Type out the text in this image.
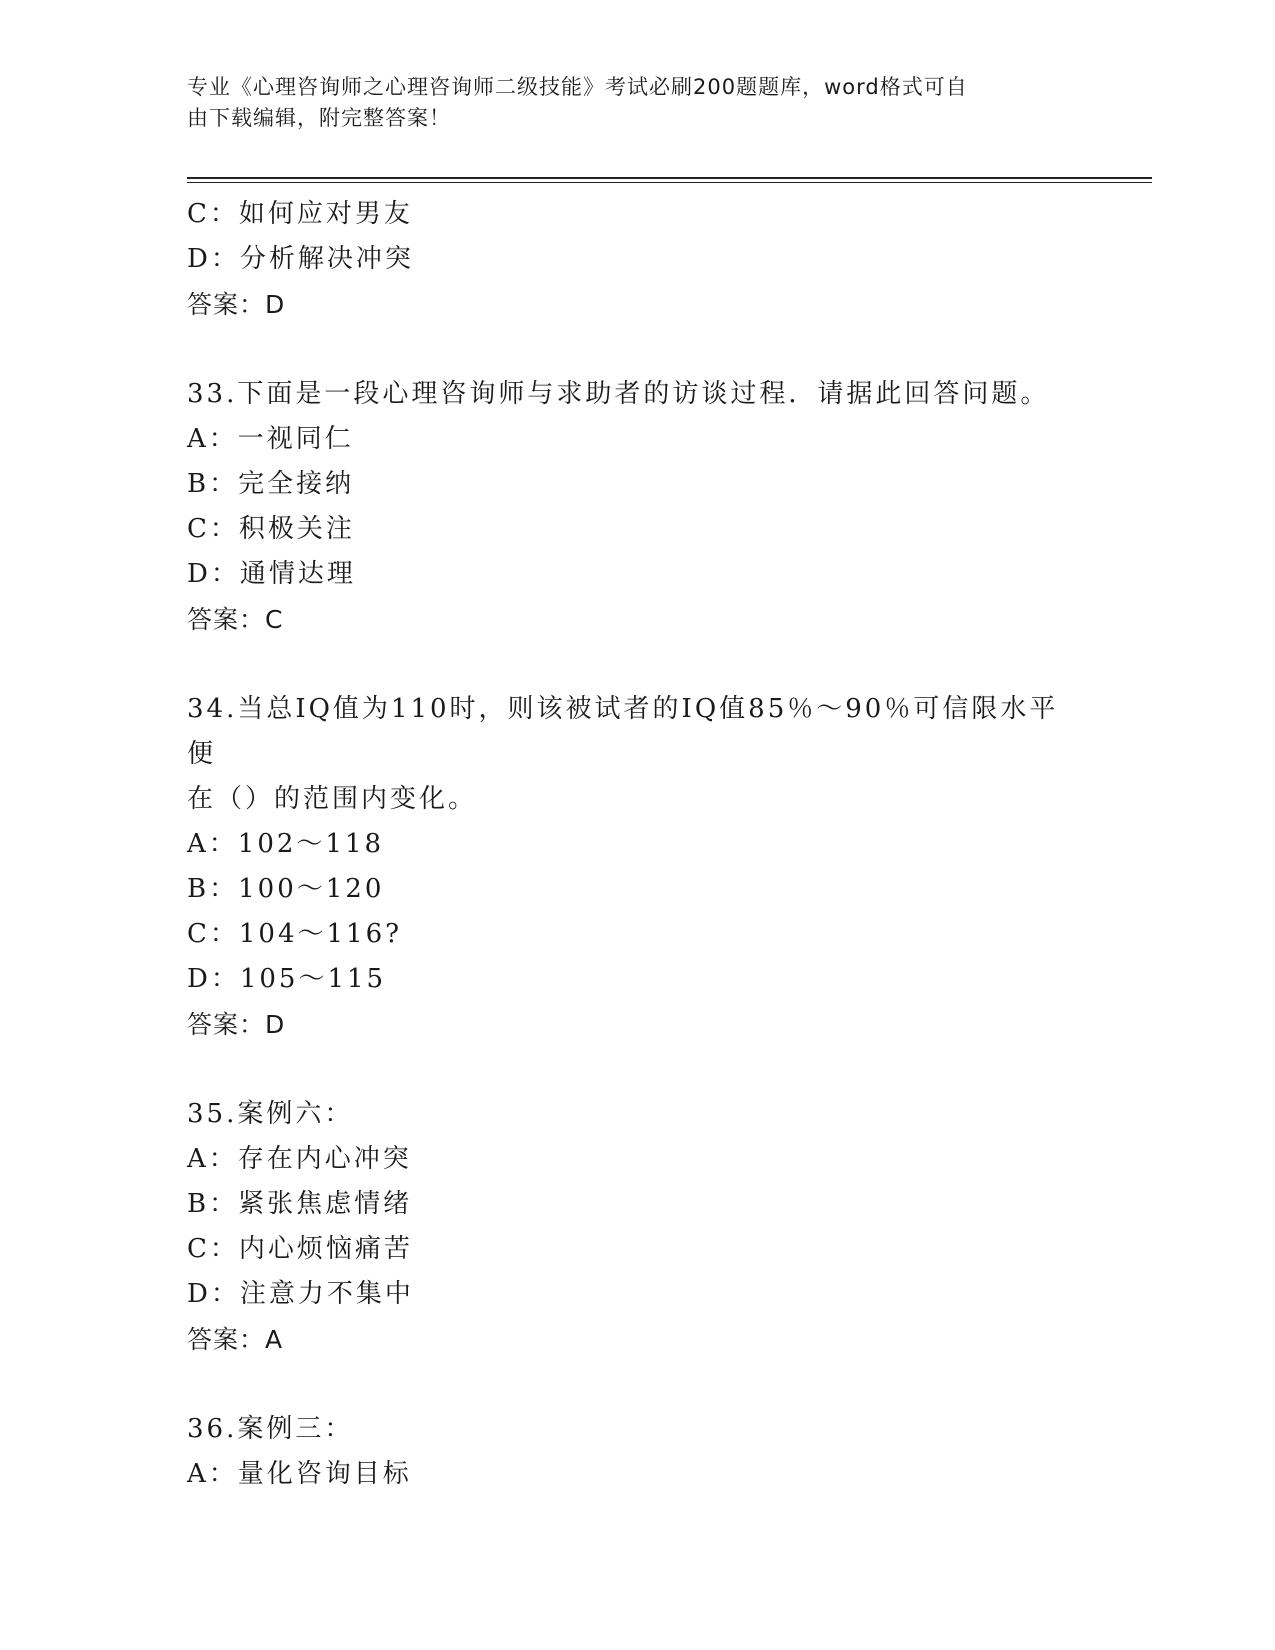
专业《心理咨询师之心理咨询师二级技能》考试必刷200题题库，word格式可自
由下载编辑，附完整答案！
C：如何应对男友
D：分析解决冲突
答案：D
33.下面是一段心理咨询师与求助者的访谈过程．请据此回答问题。
A：一视同仁
B：完全接纳
C：积极关注
D：通情达理
答案：C
34.当总IQ值为110时，则该被试者的IQ值85％～90％可信限水平便
在（）的范围内变化。
A：102～118
B：100～120
C：104～116?
D：105～115
答案：D
35.案例六：
A：存在内心冲突
B：紧张焦虑情绪
C：内心烦恼痛苦
D：注意力不集中
答案：A
36.案例三：
A：量化咨询目标
